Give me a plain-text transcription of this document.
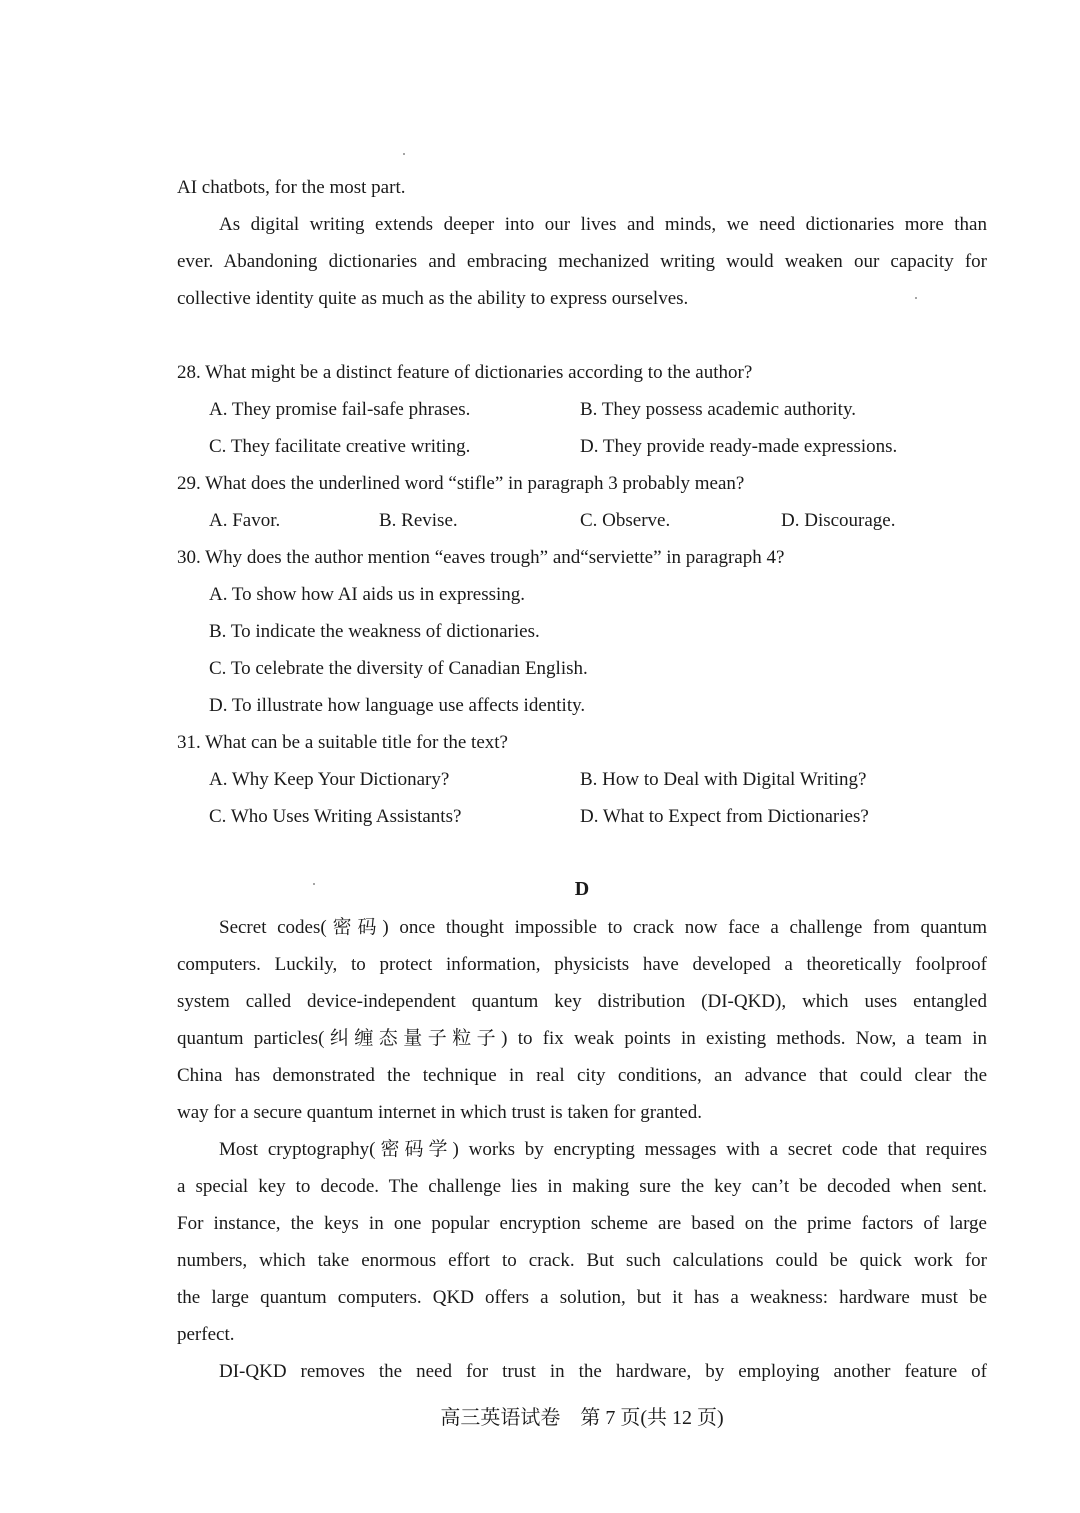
AI chatbots, for the most part.
As digital writing extends deeper into our lives and minds, we need dictionaries more than
ever. Abandoning dictionaries and embracing mechanized writing would weaken our capacity for
collective identity quite as much as the ability to express ourselves.
28. What might be a distinct feature of dictionaries according to the author?
A. They promise fail-safe phrases.	B. They possess academic authority.
C. They facilitate creative writing.	D. They provide ready-made expressions.
29. What does the underlined word “stifle” in paragraph 3 probably mean?
A. Favor.	B. Revise.	C. Observe.	D. Discourage.
30. Why does the author mention “eaves trough” and“serviette” in paragraph 4?
A. To show how AI aids us in expressing.
B. To indicate the weakness of dictionaries.
C. To celebrate the diversity of Canadian English.
D. To illustrate how language use affects identity.
31. What can be a suitable title for the text?
A. Why Keep Your Dictionary?	B. How to Deal with Digital Writing?
C. Who Uses Writing Assistants?	D. What to Expect from Dictionaries?
D
Secret codes(密码) once thought impossible to crack now face a challenge from quantum
computers. Luckily, to protect information, physicists have developed a theoretically foolproof
system called device-independent quantum key distribution (DI-QKD), which uses entangled
quantum particles(纠缠态量子粒子) to fix weak points in existing methods. Now, a team in
China has demonstrated the technique in real city conditions, an advance that could clear the
way for a secure quantum internet in which trust is taken for granted.
Most cryptography(密码学) works by encrypting messages with a secret code that requires
a special key to decode. The challenge lies in making sure the key can’t be decoded when sent.
For instance, the keys in one popular encryption scheme are based on the prime factors of large
numbers, which take enormous effort to crack. But such calculations could be quick work for
the large quantum computers. QKD offers a solution, but it has a weakness: hardware must be
perfect.
DI-QKD removes the need for trust in the hardware, by employing another feature of
高三英语试卷　第 7 页(共 12 页)
